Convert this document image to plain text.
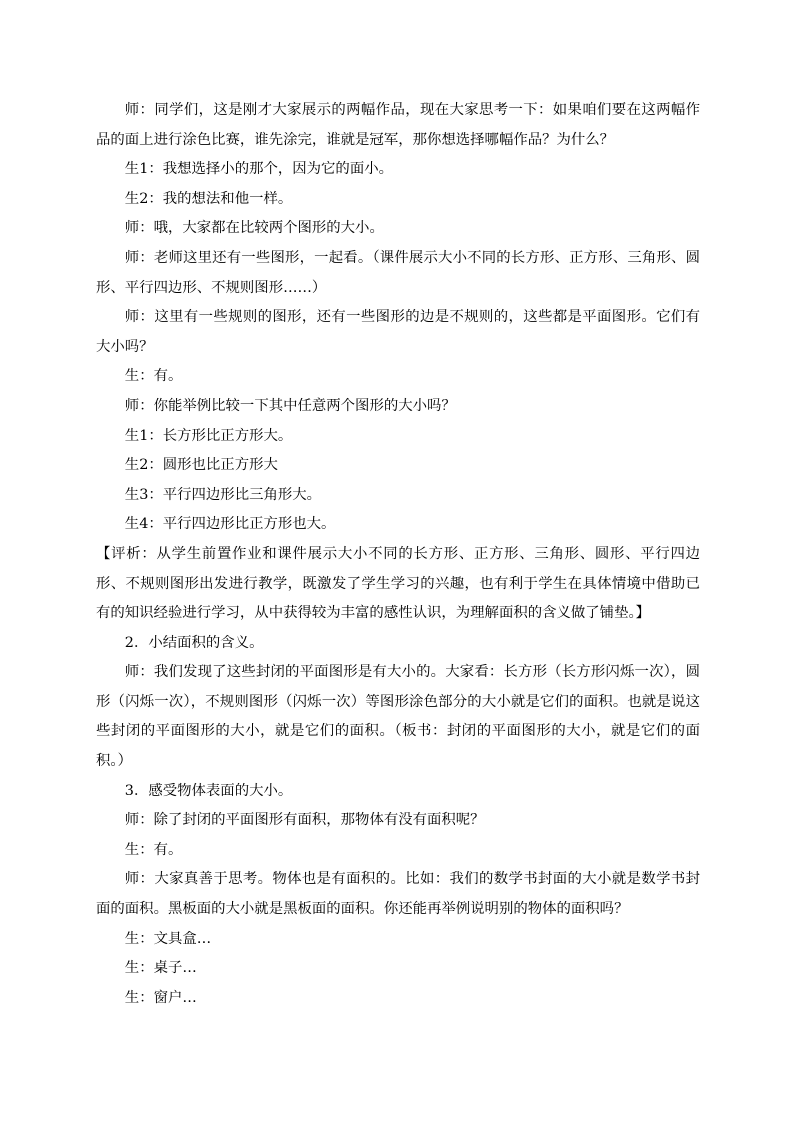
师：同学们，这是刚才大家展示的两幅作品，现在大家思考一下：如果咱们要在这两幅作品的面上进行涂色比赛，谁先涂完，谁就是冠军，那你想选择哪幅作品？为什么？

生1：我想选择小的那个，因为它的面小。

生2：我的想法和他一样。

师：哦，大家都在比较两个图形的大小。

师：老师这里还有一些图形，一起看。（课件展示大小不同的长方形、正方形、三角形、圆形、平行四边形、不规则图形……）

师：这里有一些规则的图形，还有一些图形的边是不规则的，这些都是平面图形。它们有大小吗？

生：有。

师：你能举例比较一下其中任意两个图形的大小吗？

生1：长方形比正方形大。

生2：圆形也比正方形大

生3：平行四边形比三角形大。

生4：平行四边形比正方形也大。

【评析：从学生前置作业和课件展示大小不同的长方形、正方形、三角形、圆形、平行四边形、不规则图形出发进行教学，既激发了学生学习的兴趣，也有利于学生在具体情境中借助已有的知识经验进行学习，从中获得较为丰富的感性认识，为理解面积的含义做了铺垫。】

2．小结面积的含义。

师：我们发现了这些封闭的平面图形是有大小的。大家看：长方形（长方形闪烁一次），圆形（闪烁一次），不规则图形（闪烁一次）等图形涂色部分的大小就是它们的面积。也就是说这些封闭的平面图形的大小，就是它们的面积。（板书：封闭的平面图形的大小，就是它们的面积。）

3．感受物体表面的大小。

师：除了封闭的平面图形有面积，那物体有没有面积呢？

生：有。

师：大家真善于思考。物体也是有面积的。比如：我们的数学书封面的大小就是数学书封面的面积。黑板面的大小就是黑板面的面积。你还能再举例说明别的物体的面积吗？

生：文具盒…

生：桌子…

生：窗户…
